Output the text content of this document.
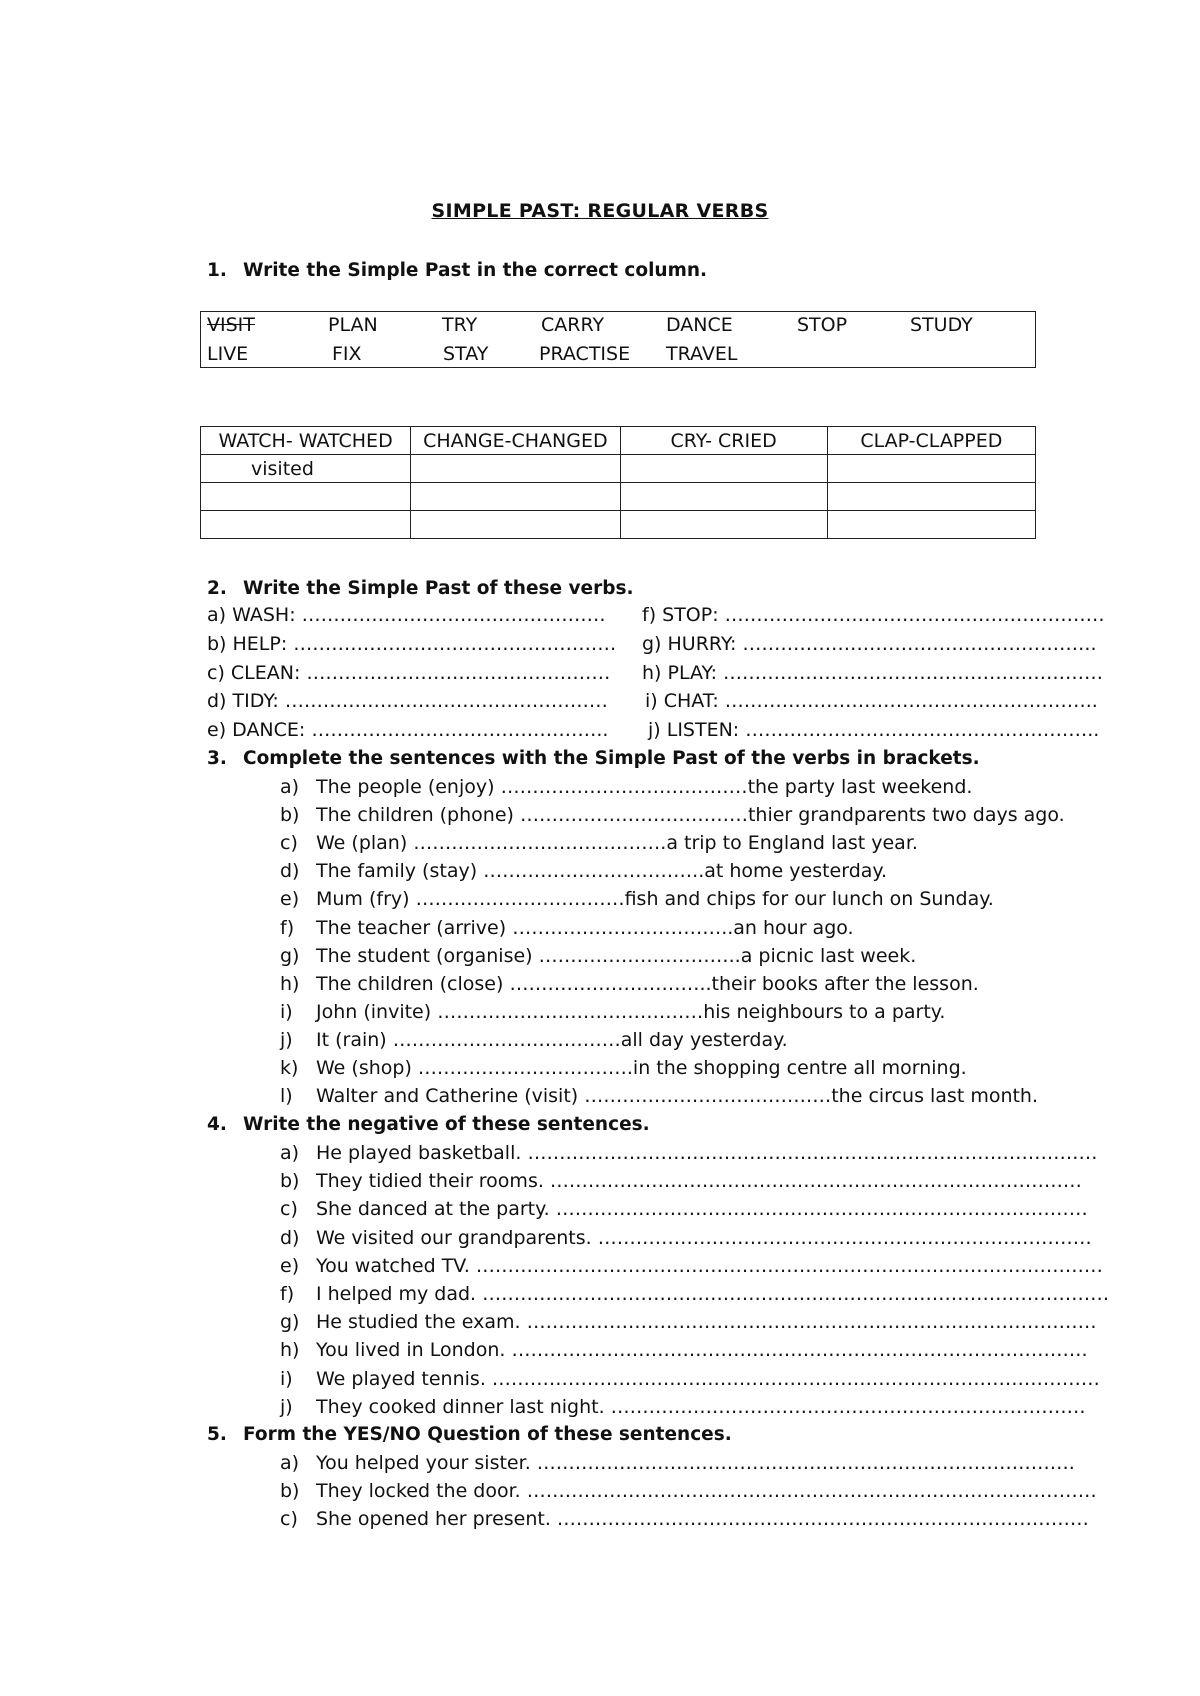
SIMPLE PAST: REGULAR VERBS
1. Write the Simple Past in the correct column.
VISIT	PLAN	TRY	CARRY	DANCE	STOP	STUDY
LIVE	FIX	STAY	PRACTISE TRAVEL
WATCH- WATCHED	CHANGE-CHANGED	CRY- CRIED	CLAP-CLAPPED
visited			

2. Write the Simple Past of these verbs.
a) WASH: …………………………………………
b) HELP: ……………………………………………
c) CLEAN: …………………………………………
d) TIDY: ……………………………………………
e) DANCE: ………………………………………..
f) STOP: ……………………………………………………
g) HURRY: ………………………………………………..
h) PLAY: ……………………………………………………
i) CHAT: …………………………………………………..
j) LISTEN: ………………………………………………..
3. Complete the sentences with the Simple Past of the verbs in brackets.
a) The people (enjoy) …………………………………the party last weekend.
b) The children (phone) ………………………………thier grandparents two days ago.
c) We (plan) ………………………………….a trip to England last year.
d) The family (stay) ……………………………..at home yesterday.
e) Mum (fry) ……………………………fish and chips for our lunch on Sunday.
f) The teacher (arrive) ……………………………..an hour ago.
g) The student (organise) …………………………..a picnic last week.
h) The children (close) …………………………..their books after the lesson.
i) John (invite) ……………………………………his neighbours to a party.
j) It (rain) ………………………………all day yesterday.
k) We (shop) …………………………….in the shopping centre all morning.
l) Walter and Catherine (visit) …………………………………the circus last month.
4. Write the negative of these sentences.
a) He played basketball. ………………………………………………………………………………
b) They tidied their rooms. …………………………………………………………………………
c) She danced at the party. …………………………………………………………………………
d) We visited our grandparents. ……………………………………………………………………
e) You watched TV. ………………………………………………………………………………………
f) I helped my dad. ………………………………………………………………………………………
g) He studied the exam. ………………………………………………………………………………
h) You lived in London. ……………………………………………………………………………….
i) We played tennis. ……………………………………………………………………………………
j) They cooked dinner last night. …………………………………………………………………
5. Form the YES/NO Question of these sentences.
a) You helped your sister. ………………………………………………………………………….
b) They locked the door. ………………………………………………………………………………
c) She opened her present. …………………………………………………………………………
